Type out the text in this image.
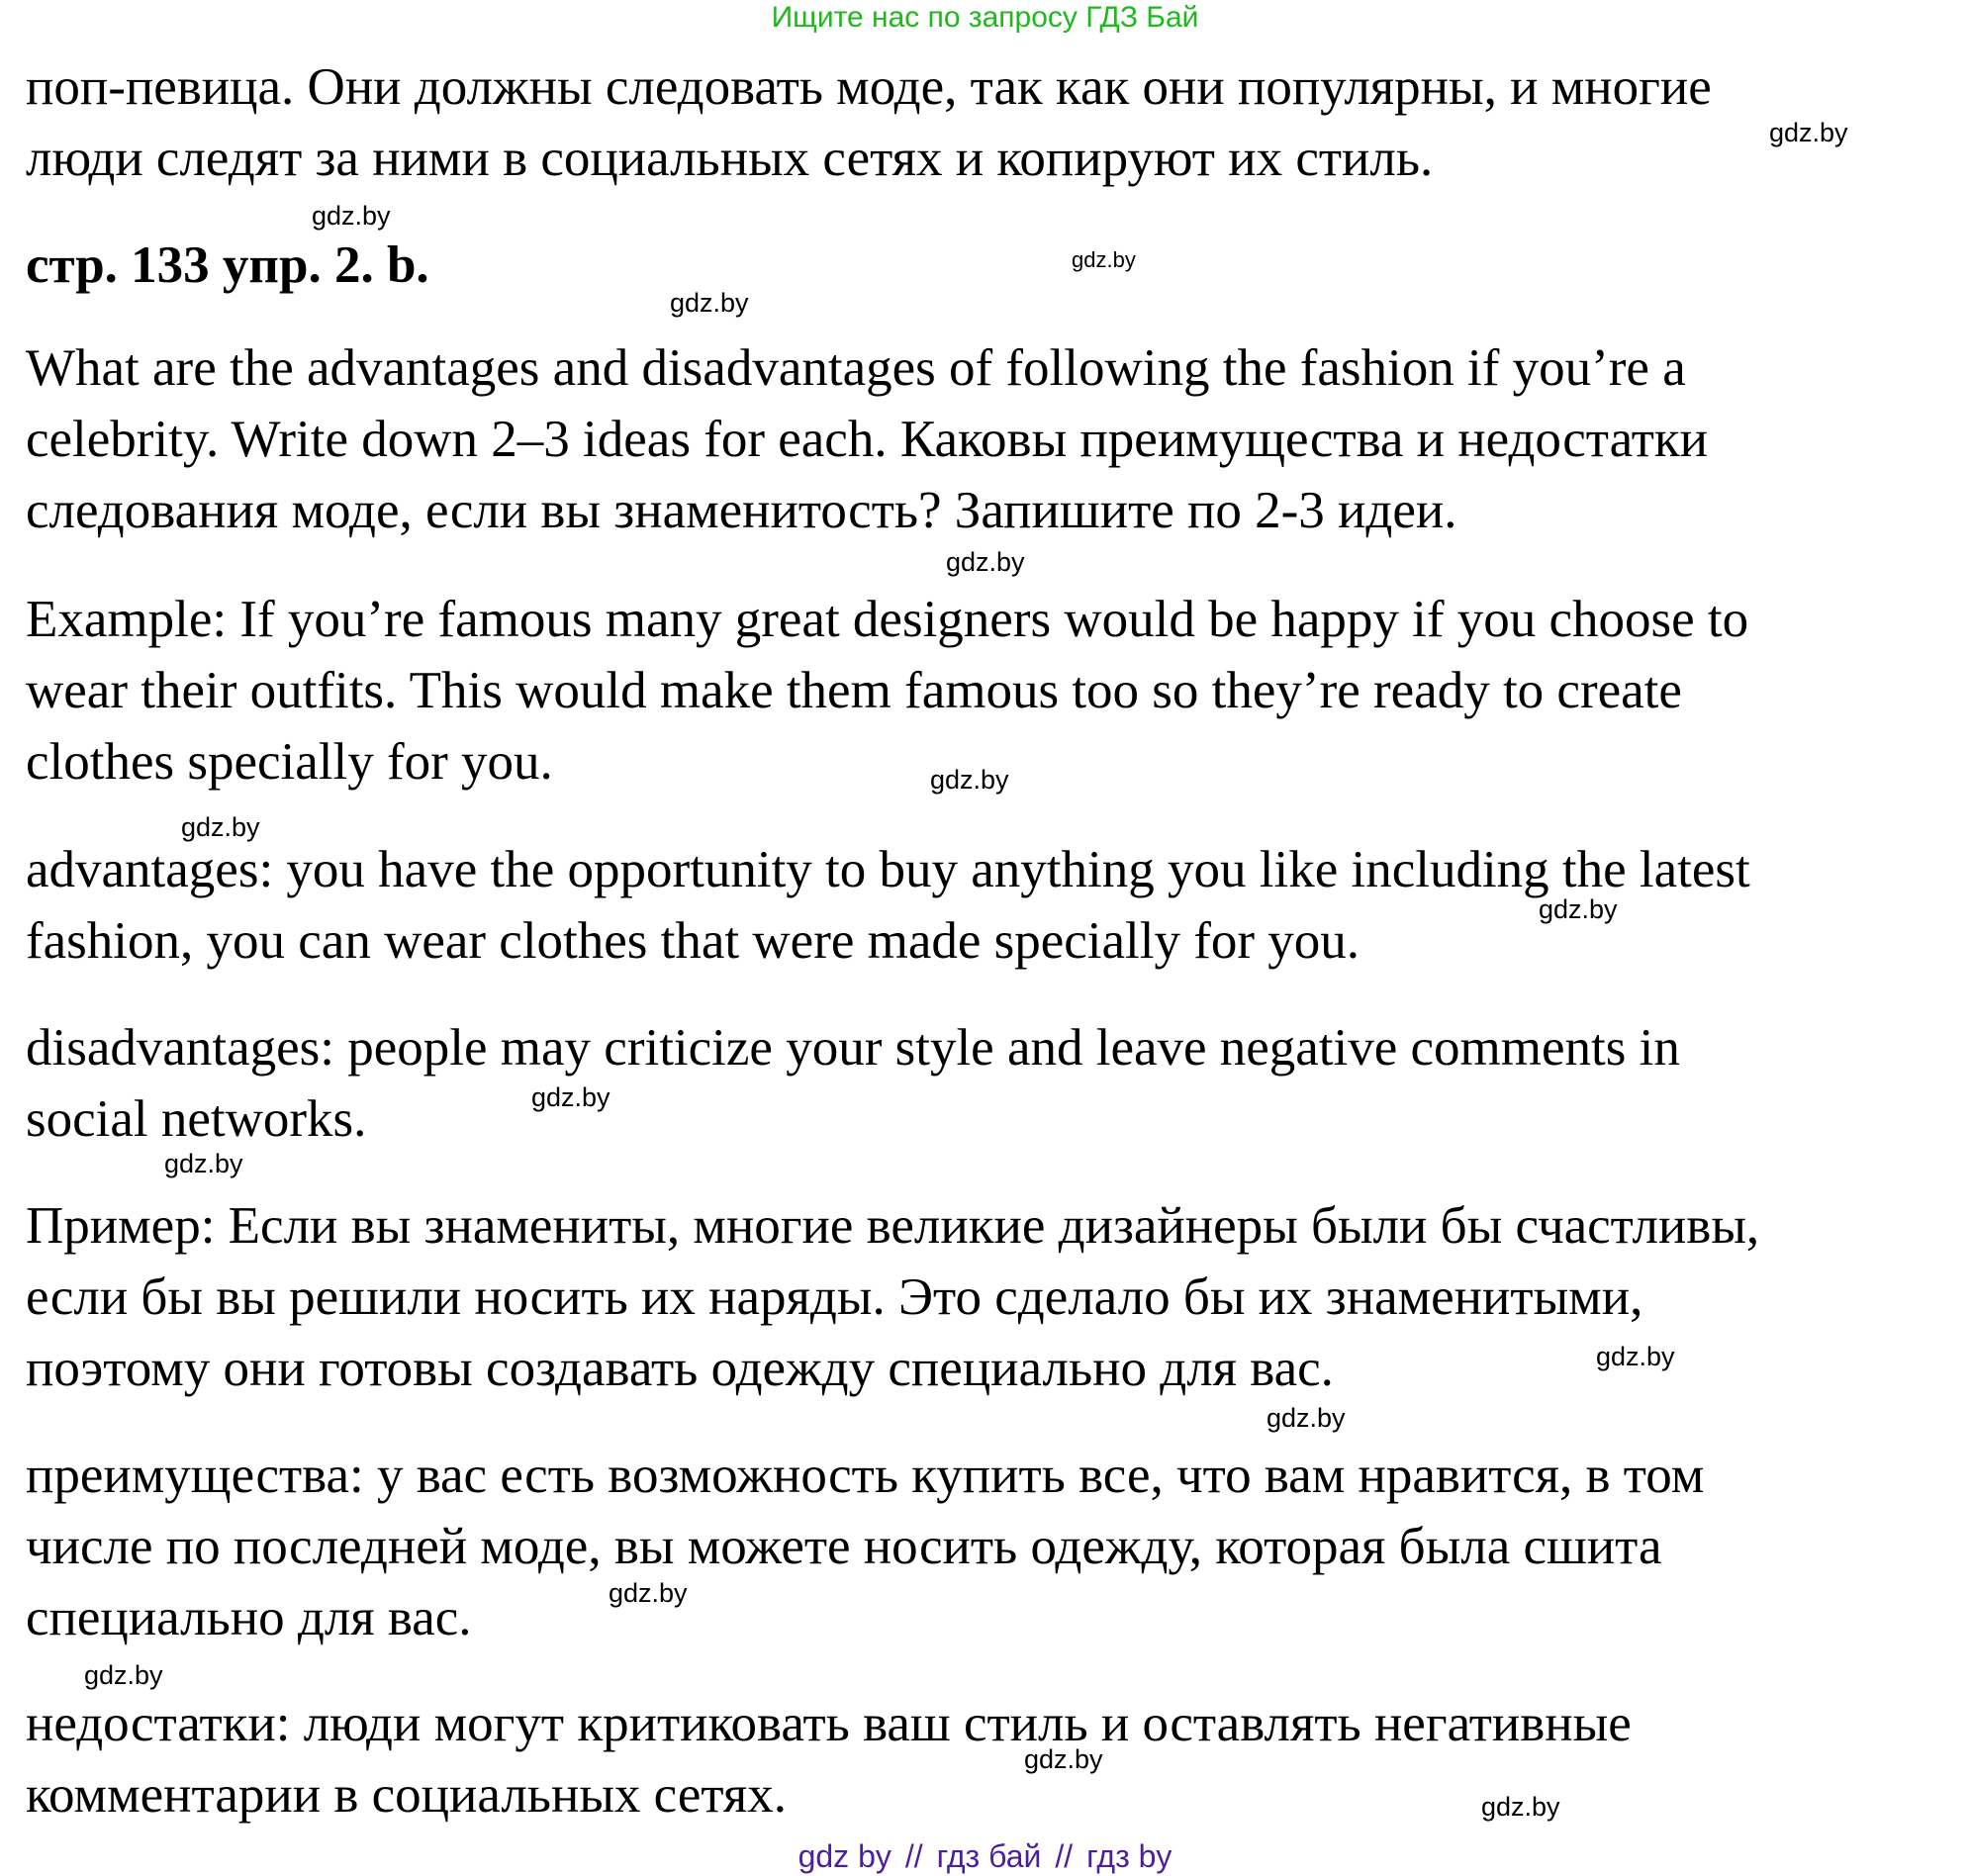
Ищите нас по запросу ГДЗ Бай
поп-певица. Они должны следовать моде, так как они популярны, и многие
люди следят за ними в социальных сетях и копируют их стиль.
стр. 133 упр. 2. b.
What are the advantages and disadvantages of following the fashion if you’re a
celebrity. Write down 2–3 ideas for each. Каковы преимущества и недостатки
следования моде, если вы знаменитость? Запишите по 2-3 идеи.
Example: If you’re famous many great designers would be happy if you choose to
wear their outfits. This would make them famous too so they’re ready to create
clothes specially for you.
advantages: you have the opportunity to buy anything you like including the latest
fashion, you can wear clothes that were made specially for you.
disadvantages: people may criticize your style and leave negative comments in
social networks.
Пример: Если вы знамениты, многие великие дизайнеры были бы счастливы,
если бы вы решили носить их наряды. Это сделало бы их знаменитыми,
поэтому они готовы создавать одежду специально для вас.
преимущества: у вас есть возможность купить все, что вам нравится, в том
числе по последней моде, вы можете носить одежду, которая была сшита
специально для вас.
недостатки: люди могут критиковать ваш стиль и оставлять негативные
комментарии в социальных сетях.
gdz.by
gdz.by
gdz.by
gdz.by
gdz.by
gdz.by
gdz.by
gdz.by
gdz.by
gdz.by
gdz.by
gdz.by
gdz.by
gdz.by
gdz.by
gdz.by
gdz by // гдз бай // гдз by
